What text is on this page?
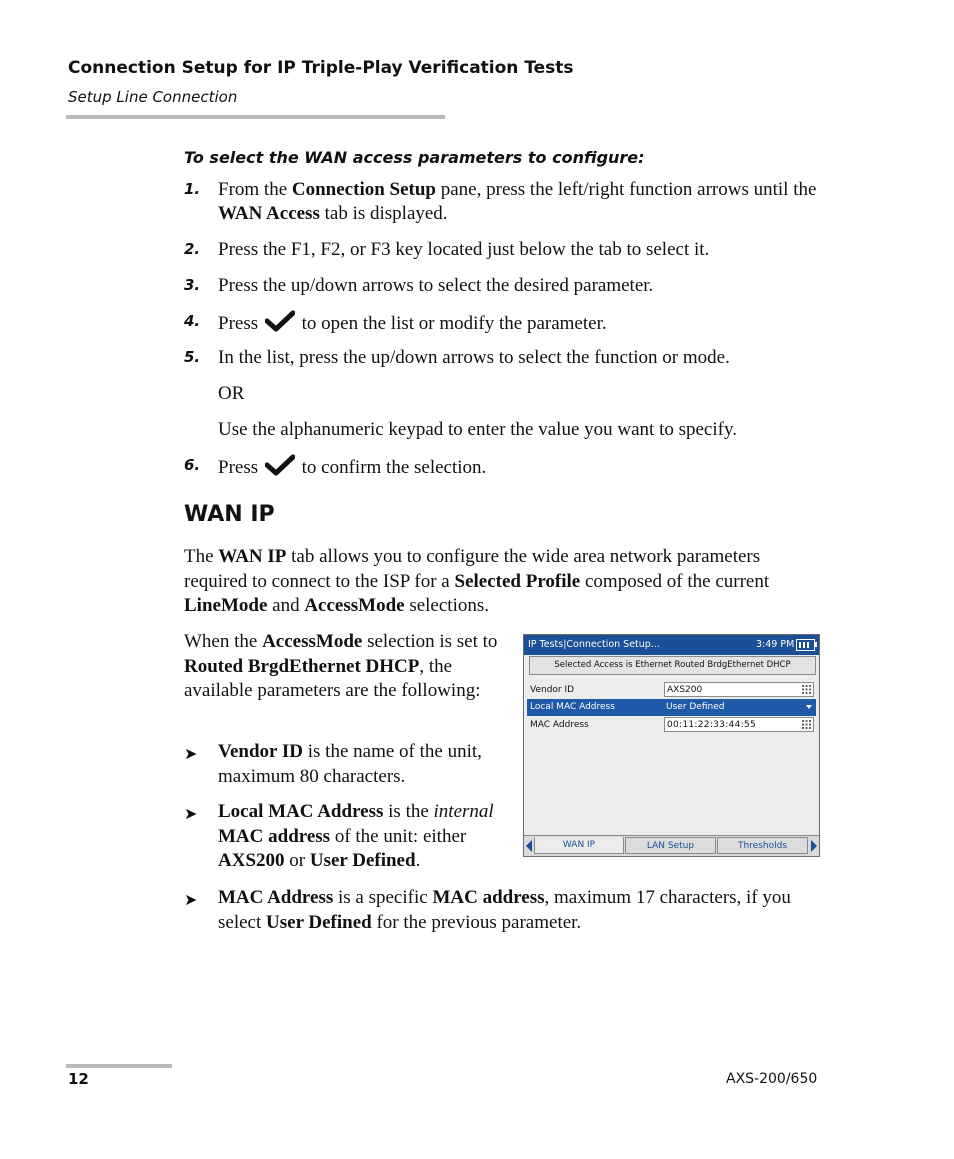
Connection Setup for IP Triple-Play Verification Tests
Setup Line Connection
To select the WAN access parameters to configure:
1. From the Connection Setup pane, press the left/right function arrows until the WAN Access tab is displayed.
2. Press the F1, F2, or F3 key located just below the tab to select it.
3. Press the up/down arrows to select the desired parameter.
4. Press to open the list or modify the parameter.
5. In the list, press the up/down arrows to select the function or mode.
OR
Use the alphanumeric keypad to enter the value you want to specify.
6. Press to confirm the selection.
WAN IP
The WAN IP tab allows you to configure the wide area network parameters required to connect to the ISP for a Selected Profile composed of the current LineMode and AccessMode selections.
When the AccessMode selection is set to Routed BrgdEthernet DHCP, the available parameters are the following:
➤ Vendor ID is the name of the unit, maximum 80 characters.
➤ Local MAC Address is the internal
MAC address of the unit: either AXS200 or User Defined.
➤ MAC Address is a specific MAC address, maximum 17 characters, if you select User Defined for the previous parameter.
IP Tests|Connection Setup...	3:49 PM
Selected Access is Ethernet Routed BrdgEthernet DHCP
Vendor ID	AXS200
Local MAC Address	User Defined
MAC Address	00:11:22:33:44:55
WAN IP	LAN Setup	Thresholds
12	AXS-200/650
